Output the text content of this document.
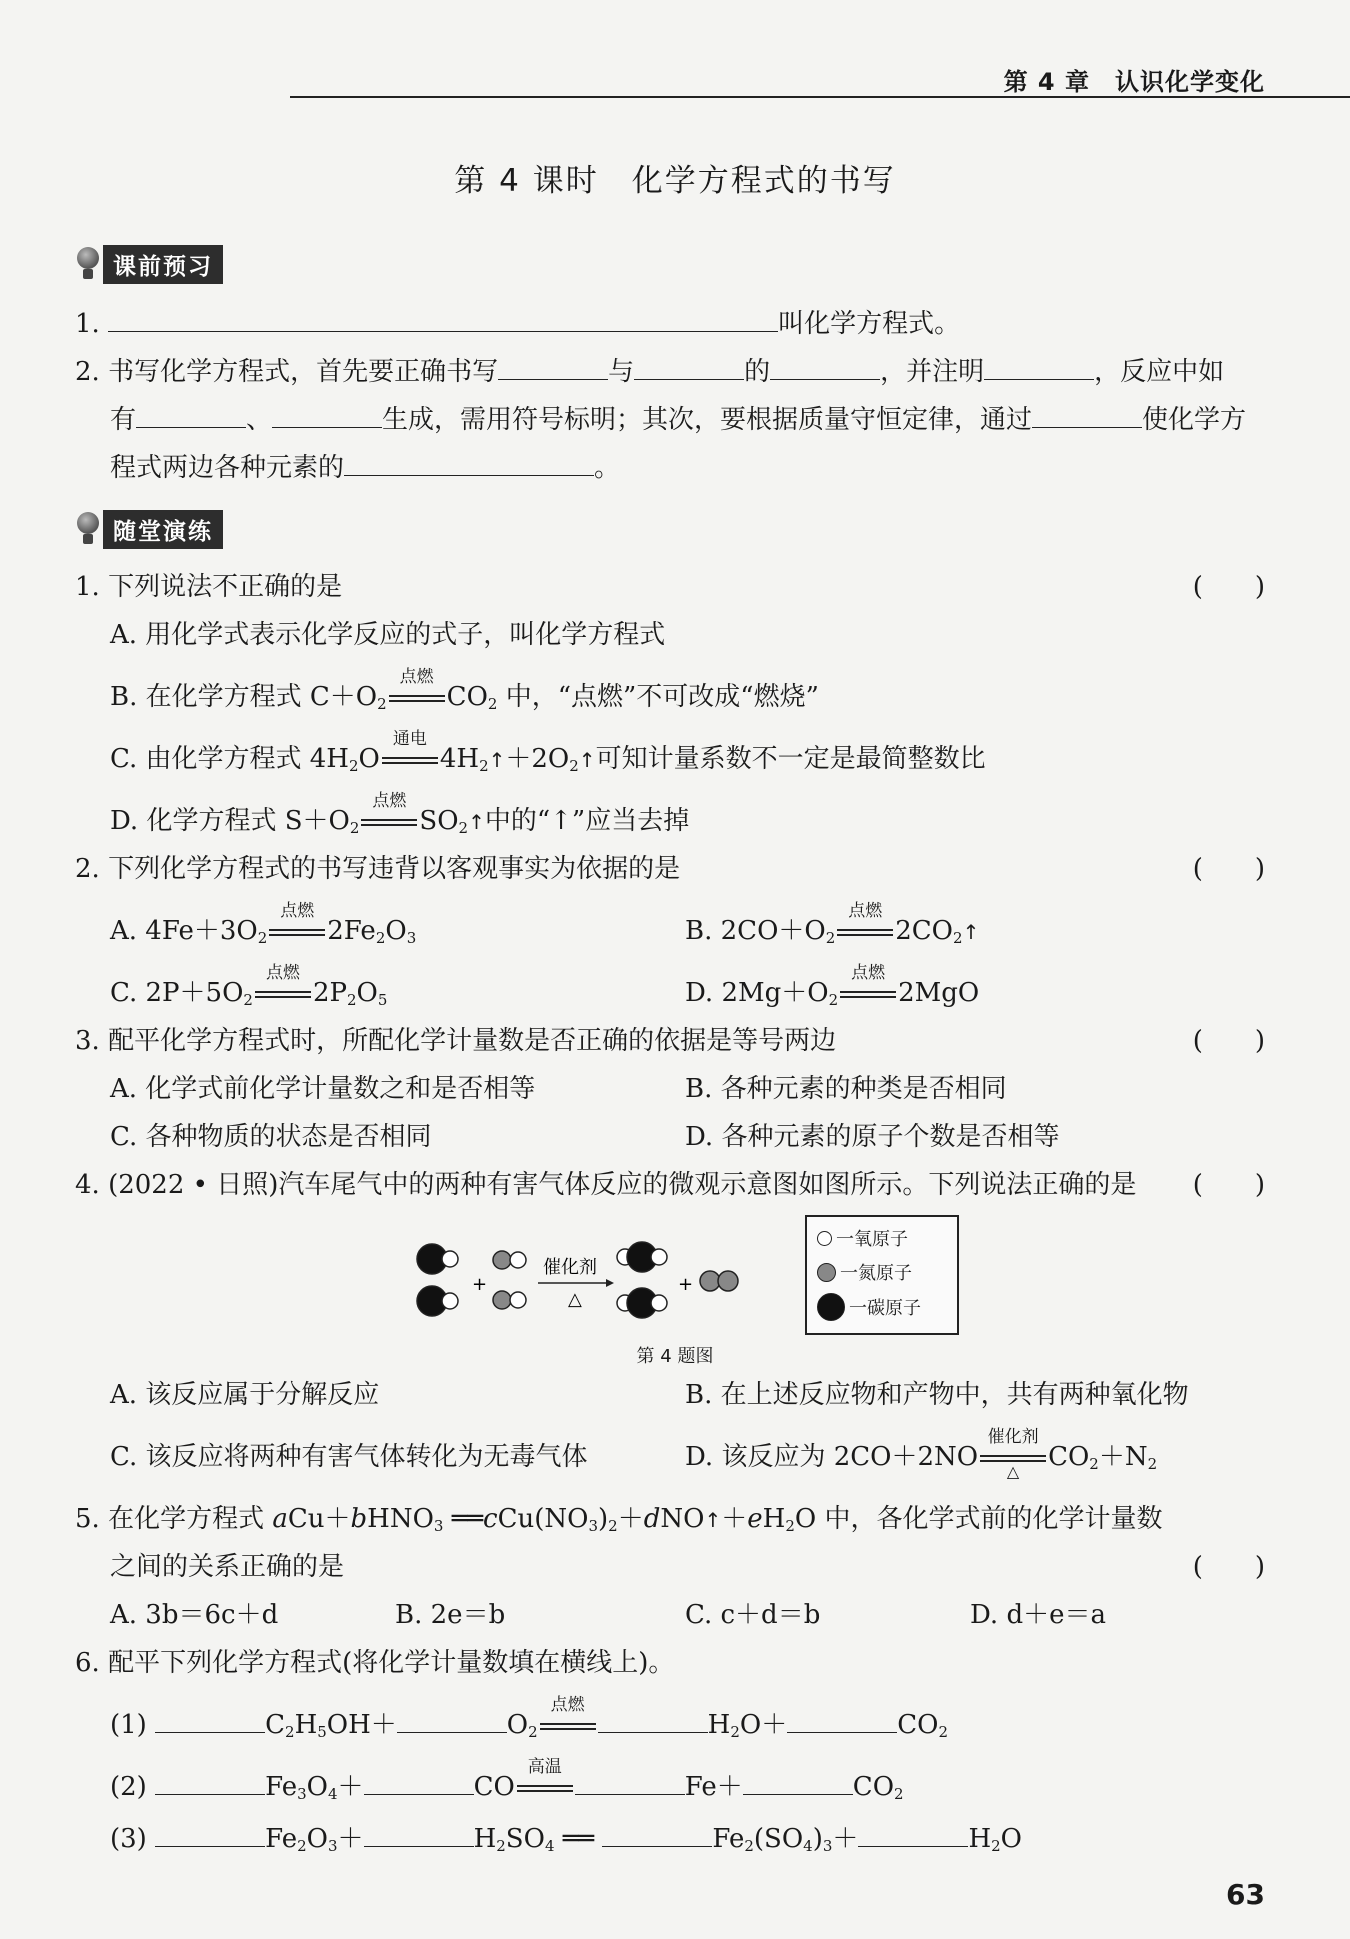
第 4 章　认识化学变化
第 4 课时　化学方程式的书写
课前预习
1.	叫化学方程式。
2. 书写化学方程式，首先要正确书写	与	的	，并注明	，反应中如
有	、	生成，需用符号标明；其次，要根据质量守恒定律，通过	使化学方
程式两边各种元素的	。
随堂演练
1. 下列说法不正确的是	(　　)
A. 用化学式表示化学反应的式子，叫化学方程式
B. 在化学方程式 $C+O_2$
点燃
$CO_2$ 中，“点燃”不可改成“燃烧”
C. 由化学方程式 $4H_2O$
通电
$4H_2↑+2O_2↑$可知计量系数不一定是最简整数比
D. 化学方程式 $S+O_2$
点燃
$SO_2↑$中的“↑”应当去掉
2. 下列化学方程式的书写违背以客观事实为依据的是	(　　)
A. $4Fe+3O_2$
点燃
$2Fe_2O_3$	B. $2CO+O_2$
点燃
$2CO_2↑$
C. $2P+5O_2$
点燃
$2P_2O_5$	D. $2Mg+O_2$
点燃
2MgO
3. 配平化学方程式时，所配化学计量数是否正确的依据是等号两边	(　　)
A. 化学式前化学计量数之和是否相等	B. 各种元素的种类是否相同
C. 各种物质的状态是否相同	D. 各种元素的原子个数是否相等
4. (2022 • 日照)汽车尾气中的两种有害气体反应的微观示意图如图所示。下列说法正确的是	(　　)
+
催化剂
△
+
一氧原子
一氮原子
一碳原子
第 4 题图
A. 该反应属于分解反应	B. 在上述反应物和产物中，共有两种氧化物
C. 该反应将两种有害气体转化为无毒气体	D. 该反应为 2CO＋2NO
催化剂
△	$CO_2+N_2$
5. 在化学方程式 aCu＋bHNO$_3$ $══cCu(NO_3)_2+dNO↑+eH_2O$ 中，各化学式前的化学计量数
之间的关系正确的是	(　　)
A. 3b＝6c＋d	B. 2e＝b	C. c＋d＝b	D. d＋e＝a
6. 配平下列化学方程式(将化学计量数填在横线上)。
(1)	$C_2H_5OH+$	$O_2$
点燃
$H_2O+$	$CO_2$
(2)	$Fe_3O_4+$	CO
高温
Fe＋	$CO_2$
(3)	$Fe_2O_3+$	$H_2SO_4$ ══	$Fe_2(SO_4)_3+$	$H_2O$
63
